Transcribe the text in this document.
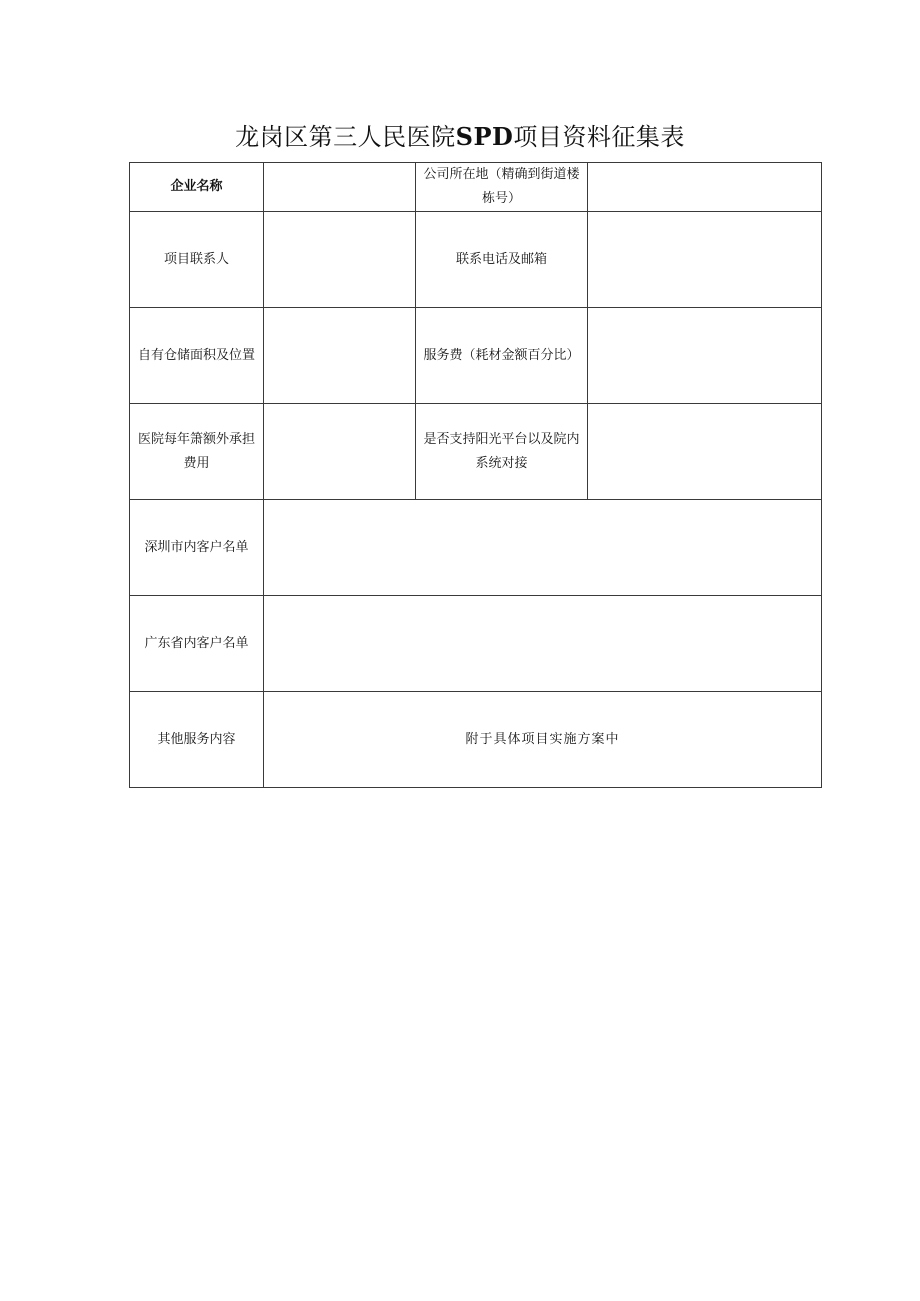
龙岗区第三人民医院SPD项目资料征集表
企业名称		公司所在地（精确到街道楼栋号）	
项目联系人		联系电话及邮箱	
自有仓储面积及位置		服务费（耗材金额百分比）	
医院每年箫额外承担费用		是否支持阳光平台以及院内系统对接	
深圳市内客户名单			
广东省内客户名单			
其他服务内容	附于具体项目实施方案中		
